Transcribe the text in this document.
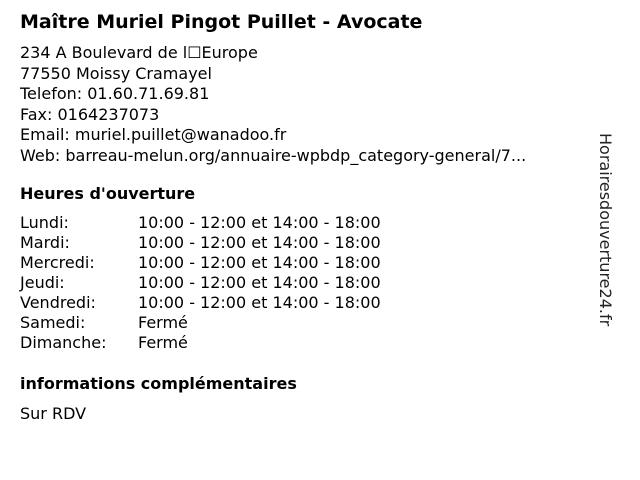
Maître Muriel Pingot Puillet - Avocate
234 A Boulevard de l☐Europe
77550 Moissy Cramayel
Telefon: 01.60.71.69.81
Fax: 0164237073
Email: muriel.puillet@wanadoo.fr
Web: barreau-melun.org/annuaire-wpbdp_category-general/7...
Heures d'ouverture
Lundi:	10:00 - 12:00 et 14:00 - 18:00
Mardi:	10:00 - 12:00 et 14:00 - 18:00
Mercredi:	10:00 - 12:00 et 14:00 - 18:00
Jeudi:	10:00 - 12:00 et 14:00 - 18:00
Vendredi:	10:00 - 12:00 et 14:00 - 18:00
Samedi:	Fermé
Dimanche:	Fermé
informations complémentaires
Sur RDV
Horairesdouverture24.fr
